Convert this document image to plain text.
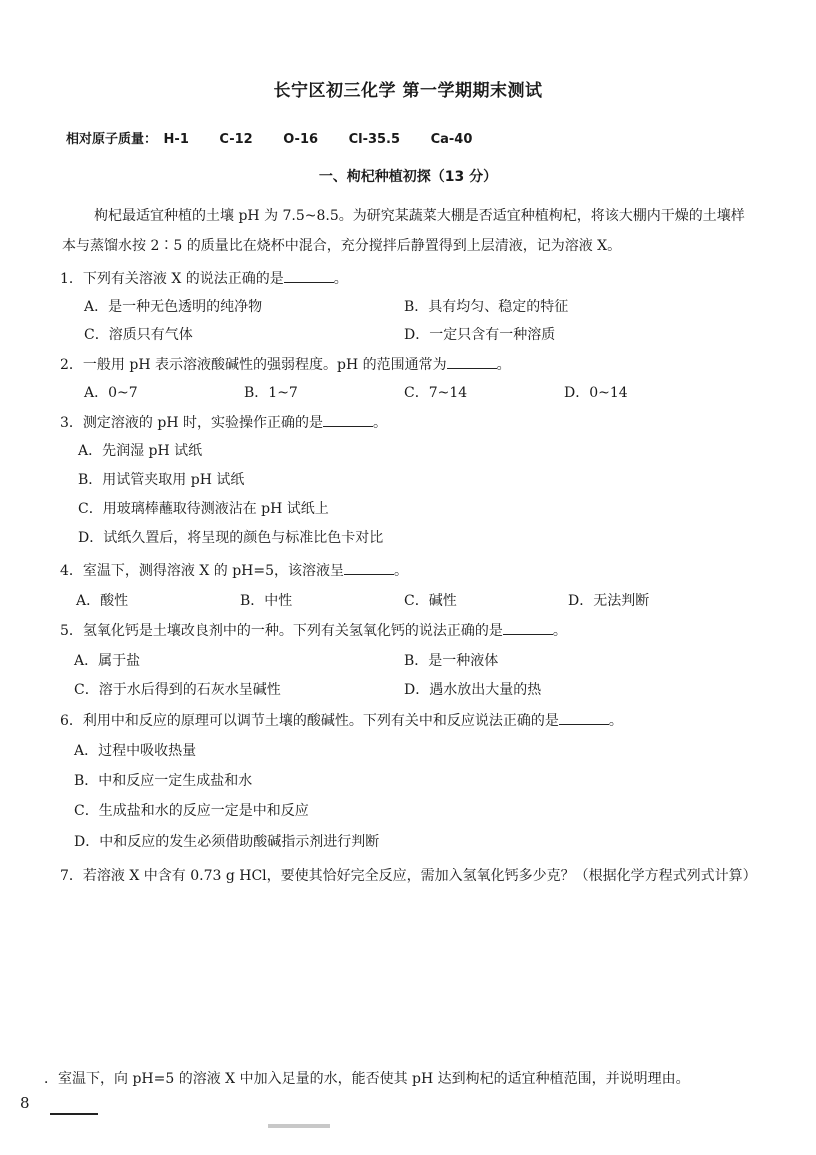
长宁区初三化学 第一学期期末测试
相对原子质量： H-1 C-12 O-16 Cl-35.5 Ca-40
一、枸杞种植初探（13 分）
枸杞最适宜种植的土壤 pH 为 7.5~8.5。为研究某蔬菜大棚是否适宜种植枸杞，将该大棚内干燥的土壤样本与蒸馏水按 2∶5 的质量比在烧杯中混合，充分搅拌后静置得到上层清液，记为溶液 X。
1．下列有关溶液 X 的说法正确的是	。
A．是一种无色透明的纯净物	B．具有均匀、稳定的特征
C．溶质只有气体	D．一定只含有一种溶质
2．一般用 pH 表示溶液酸碱性的强弱程度。pH 的范围通常为	。
A．0~7	B．1~7	C．7~14	D．0~14
3．测定溶液的 pH 时，实验操作正确的是	。
A．先润湿 pH 试纸
B．用试管夹取用 pH 试纸
C．用玻璃棒蘸取待测液沾在 pH 试纸上
D．试纸久置后，将呈现的颜色与标准比色卡对比
4．室温下，测得溶液 X 的 pH=5，该溶液呈	。
A．酸性	B．中性	C．碱性	D．无法判断
5．氢氧化钙是土壤改良剂中的一种。下列有关氢氧化钙的说法正确的是	。
A．属于盐	B．是一种液体
C．溶于水后得到的石灰水呈碱性	D．遇水放出大量的热
6．利用中和反应的原理可以调节土壤的酸碱性。下列有关中和反应说法正确的是	。
A．过程中吸收热量
B．中和反应一定生成盐和水
C．生成盐和水的反应一定是中和反应
D．中和反应的发生必须借助酸碱指示剂进行判断
7．若溶液 X 中含有 0.73 g HCl，要使其恰好完全反应，需加入氢氧化钙多少克？（根据化学方程式列式计算）
．室温下，向 pH=5 的溶液 X 中加入足量的水，能否使其 pH 达到枸杞的适宜种植范围，并说明理由。
8
